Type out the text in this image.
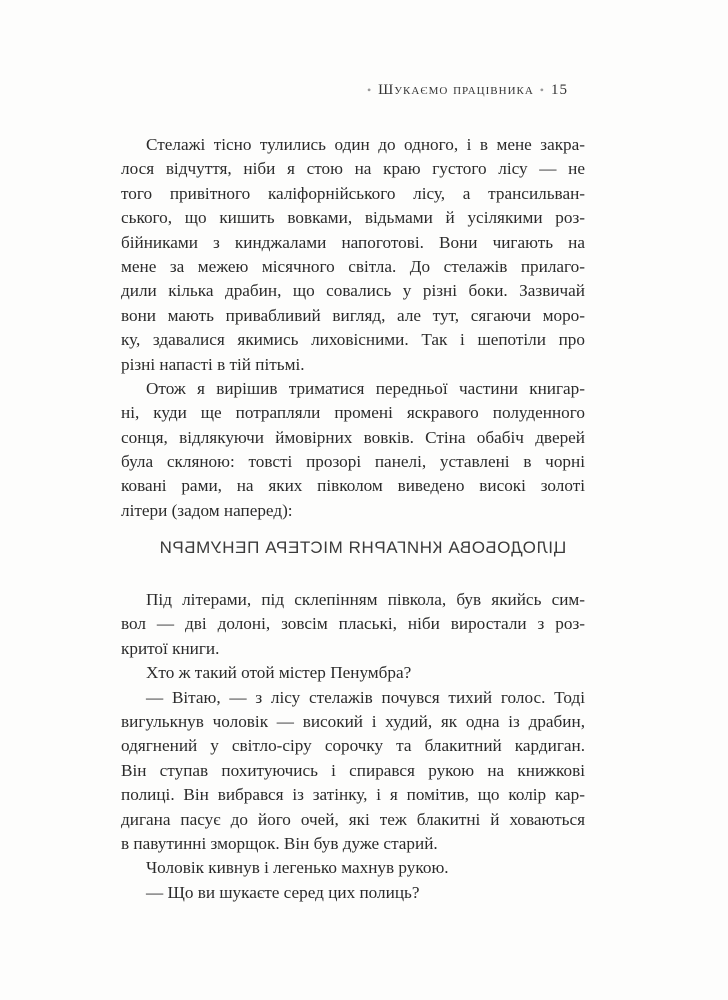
• Шукаємо працівника • 15
Стелажі тісно тулились один до одного, і в мене закра-
лося відчуття, ніби я стою на краю густого лісу — не
того привітного каліфорнійського лісу, а трансильван-
ського, що кишить вовками, відьмами й усілякими роз-
бійниками з кинджалами напоготові. Вони чигають на
мене за межею місячного світла. До стелажів прилаго-
дили кілька драбин, що совались у різні боки. Зазвичай
вони мають привабливий вигляд, але тут, сягаючи моро-
ку, здавалися якимись лиховісними. Так і шепотіли про
різні напасті в тій пітьмі.
Отож я вирішив триматися передньої частини книгар-
ні, куди ще потрапляли промені яскравого полуденного
сонця, відлякуючи ймовірних вовків. Стіна обабіч дверей
була скляною: товсті прозорі панелі, уставлені в чорні
ковані рами, на яких півколом виведено високі золоті
літери (задом наперед):
ЦІЛОДОБОВА КНИГАРНЯ МІСТЕРА ПЕНУМБРИ
Під літерами, під склепінням півкола, був якийсь сим-
вол — дві долоні, зовсім плаські, ніби виростали з роз-
критої книги.
Хто ж такий отой містер Пенумбра?
— Вітаю, — з лісу стелажів почувся тихий голос. Тоді
вигулькнув чоловік — високий і худий, як одна із драбин,
одягнений у світло-сіру сорочку та блакитний кардиган.
Він ступав похитуючись і спирався рукою на книжкові
полиці. Він вибрався із затінку, і я помітив, що колір кар-
дигана пасує до його очей, які теж блакитні й ховаються
в павутинні зморщок. Він був дуже старий.
Чоловік кивнув і легенько махнув рукою.
— Що ви шукаєте серед цих полиць?
